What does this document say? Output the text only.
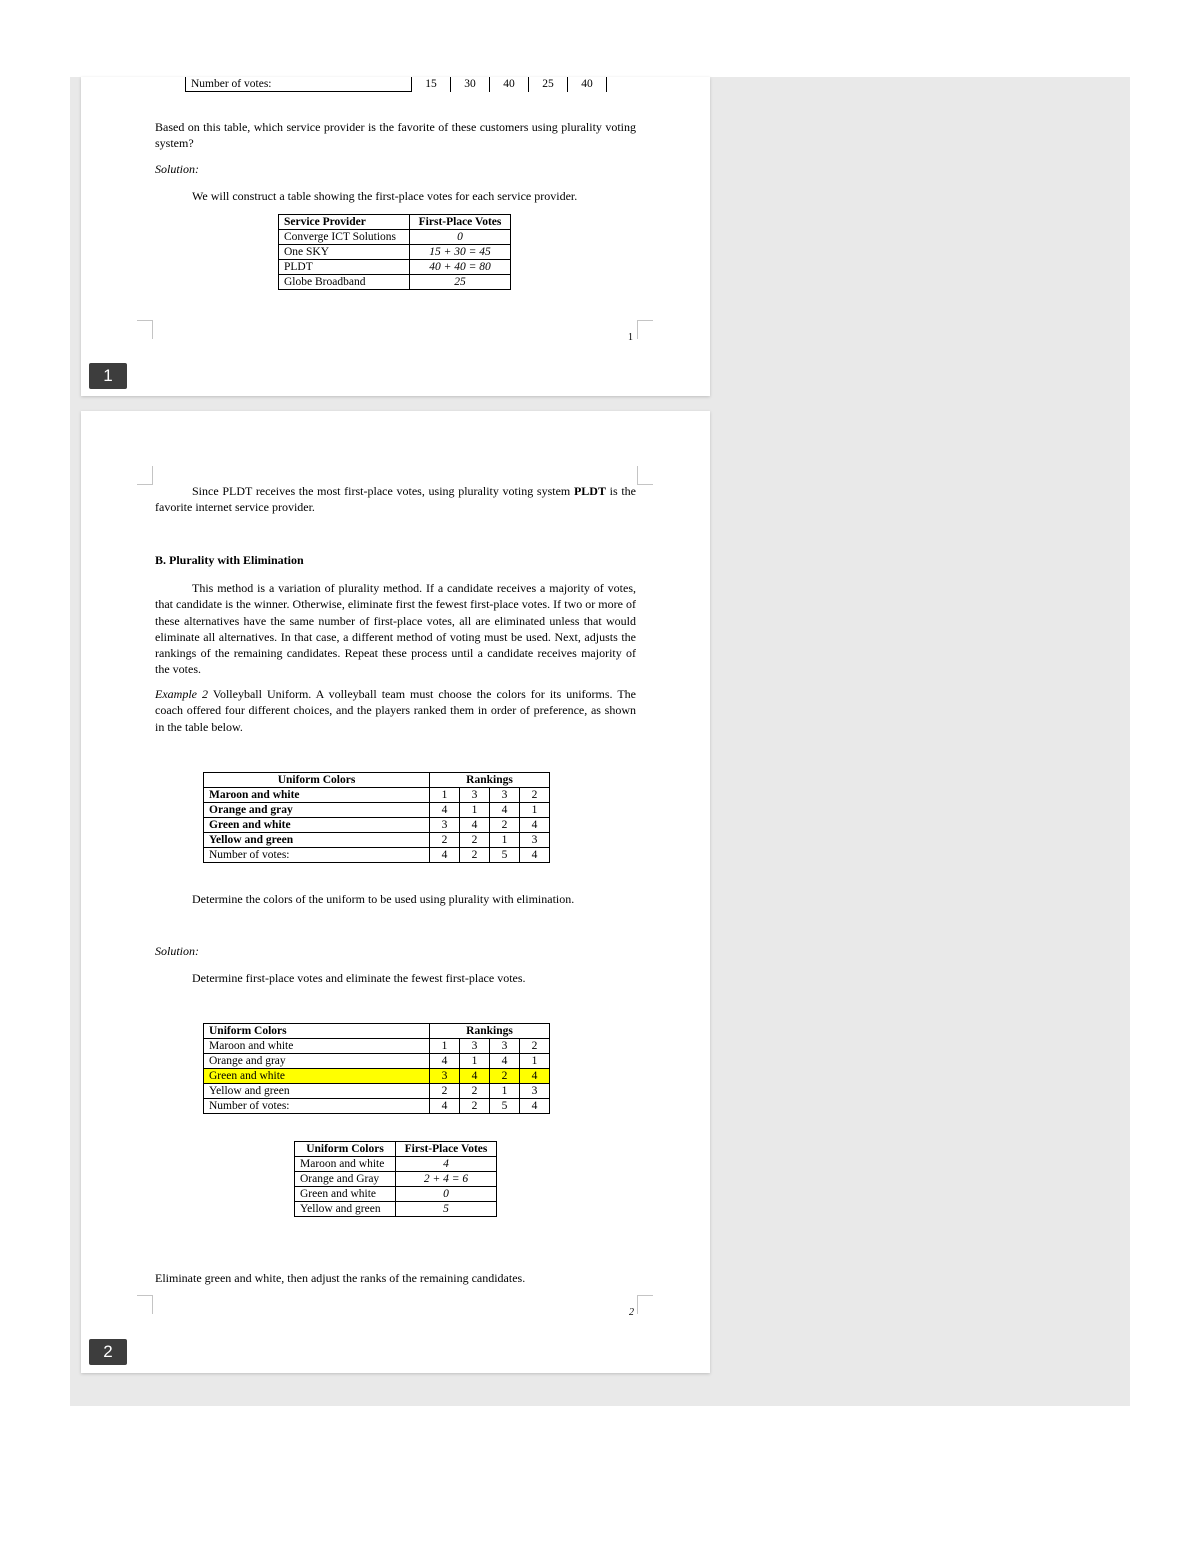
Number of votes:	15	30	40	25	40
Based on this table, which service provider is the favorite of these customers using plurality voting system?
Solution:
We will construct a table showing the first-place votes for each service provider.
Service Provider	First-Place Votes
Converge ICT Solutions	0
One SKY	15 + 30 = 45
PLDT	40 + 40 = 80
Globe Broadband	25
1
1
Since PLDT receives the most first-place votes, using plurality voting system PLDT is the favorite internet service provider.
B. Plurality with Elimination
This method is a variation of plurality method. If a candidate receives a majority of votes, that candidate is the winner. Otherwise, eliminate first the fewest first-place votes. If two or more of these alternatives have the same number of first-place votes, all are eliminated unless that would eliminate all alternatives. In that case, a different method of voting must be used. Next, adjusts the rankings of the remaining candidates. Repeat these process until a candidate receives majority of the votes.
Example 2 Volleyball Uniform. A volleyball team must choose the colors for its uniforms. The coach offered four different choices, and the players ranked them in order of preference, as shown in the table below.
Uniform Colors	Rankings			
Maroon and white	1	3	3	2
Orange and gray	4	1	4	1
Green and white	3	4	2	4
Yellow and green	2	2	1	3
Number of votes:	4	2	5	4
Determine the colors of the uniform to be used using plurality with elimination.
Solution:
Determine first-place votes and eliminate the fewest first-place votes.
Uniform Colors	Rankings			
Maroon and white	1	3	3	2
Orange and gray	4	1	4	1
Green and white	3	4	2	4
Yellow and green	2	2	1	3
Number of votes:	4	2	5	4
Uniform Colors	First-Place Votes
Maroon and white	4
Orange and Gray	2 + 4 = 6
Green and white	0
Yellow and green	5
Eliminate green and white, then adjust the ranks of the remaining candidates.
2
2
